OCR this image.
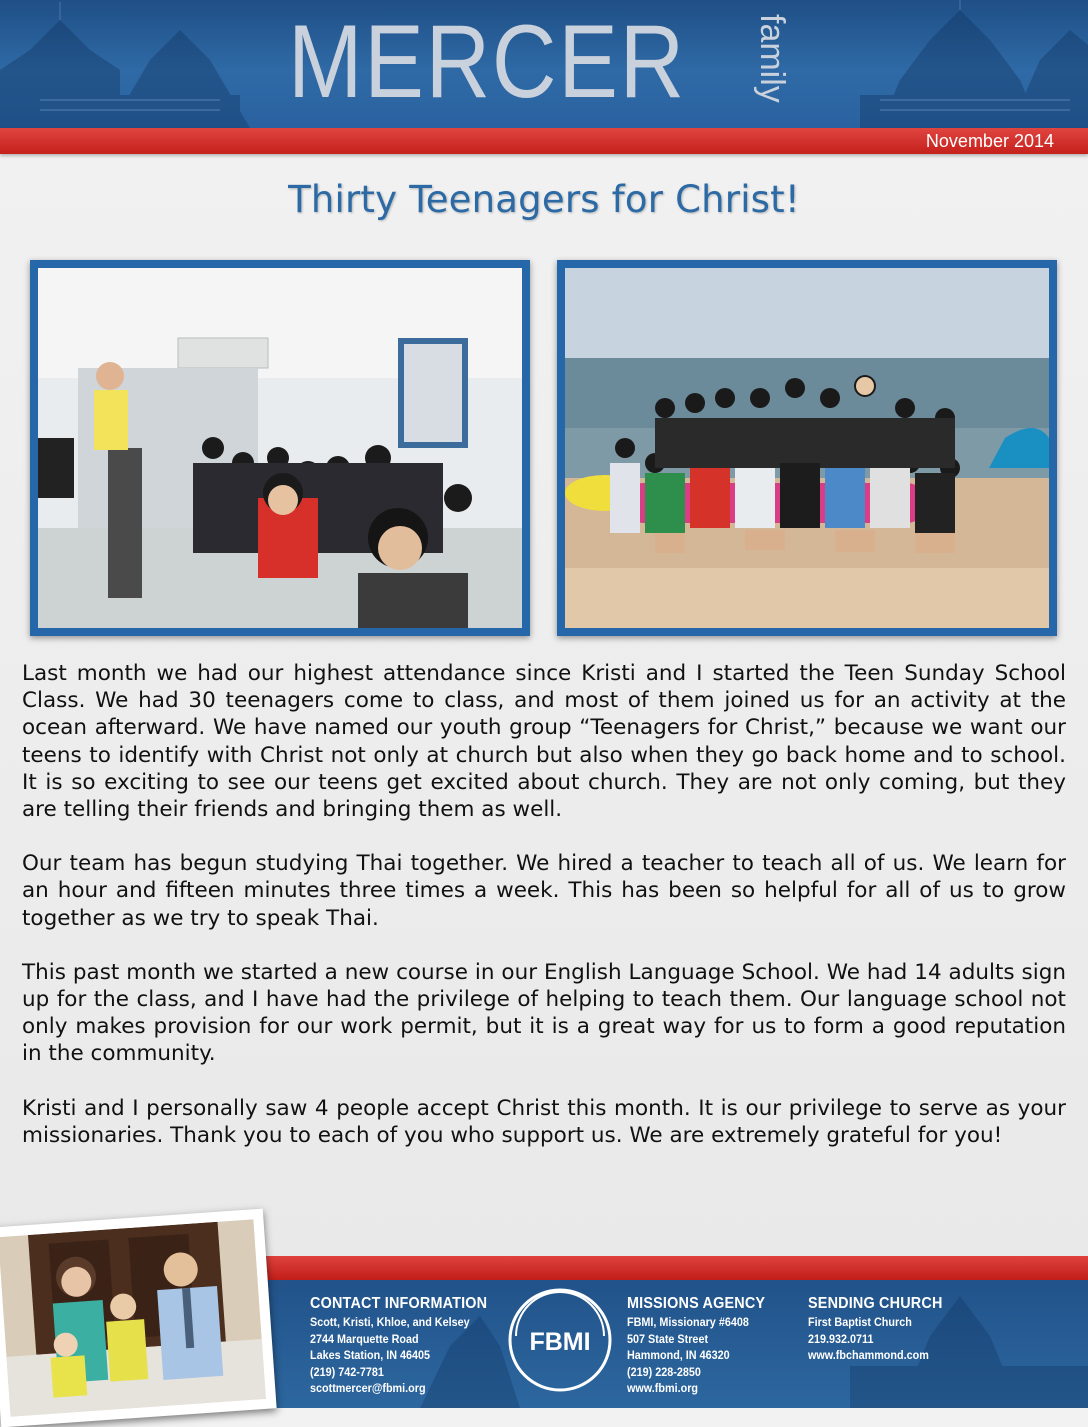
MERCER family
November 2014
Thirty Teenagers for Christ!

Last month we had our highest attendance since Kristi and I started the Teen Sunday School Class. We had 30 teenagers come to class, and most of them joined us for an activity at the ocean afterward. We have named our youth group “Teenagers for Christ,” because we want our teens to identify with Christ not only at church but also when they go back home and to school. It is so exciting to see our teens get excited about church. They are not only coming, but they are telling their friends and bringing them as well.

Our team has begun studying Thai together. We hired a teacher to teach all of us. We learn for an hour and fifteen minutes three times a week. This has been so helpful for all of us to grow together as we try to speak Thai.

This past month we started a new course in our English Language School. We had 14 adults sign up for the class, and I have had the privilege of helping to teach them. Our language school not only makes provision for our work permit, but it is a great way for us to form a good reputation in the community.

Kristi and I personally saw 4 people accept Christ this month. It is our privilege to serve as your missionaries. Thank you to each of you who support us. We are extremely grateful for you!

CONTACT INFORMATION
Scott, Kristi, Khloe, and Kelsey
2744 Marquette Road
Lakes Station, IN 46405
(219) 742-7781
scottmercer@fbmi.org
FBMI
MISSIONS AGENCY
FBMI, Missionary #6408
507 State Street
Hammond, IN 46320
(219) 228-2850
www.fbmi.org
SENDING CHURCH
First Baptist Church
219.932.0711
www.fbchammond.com
